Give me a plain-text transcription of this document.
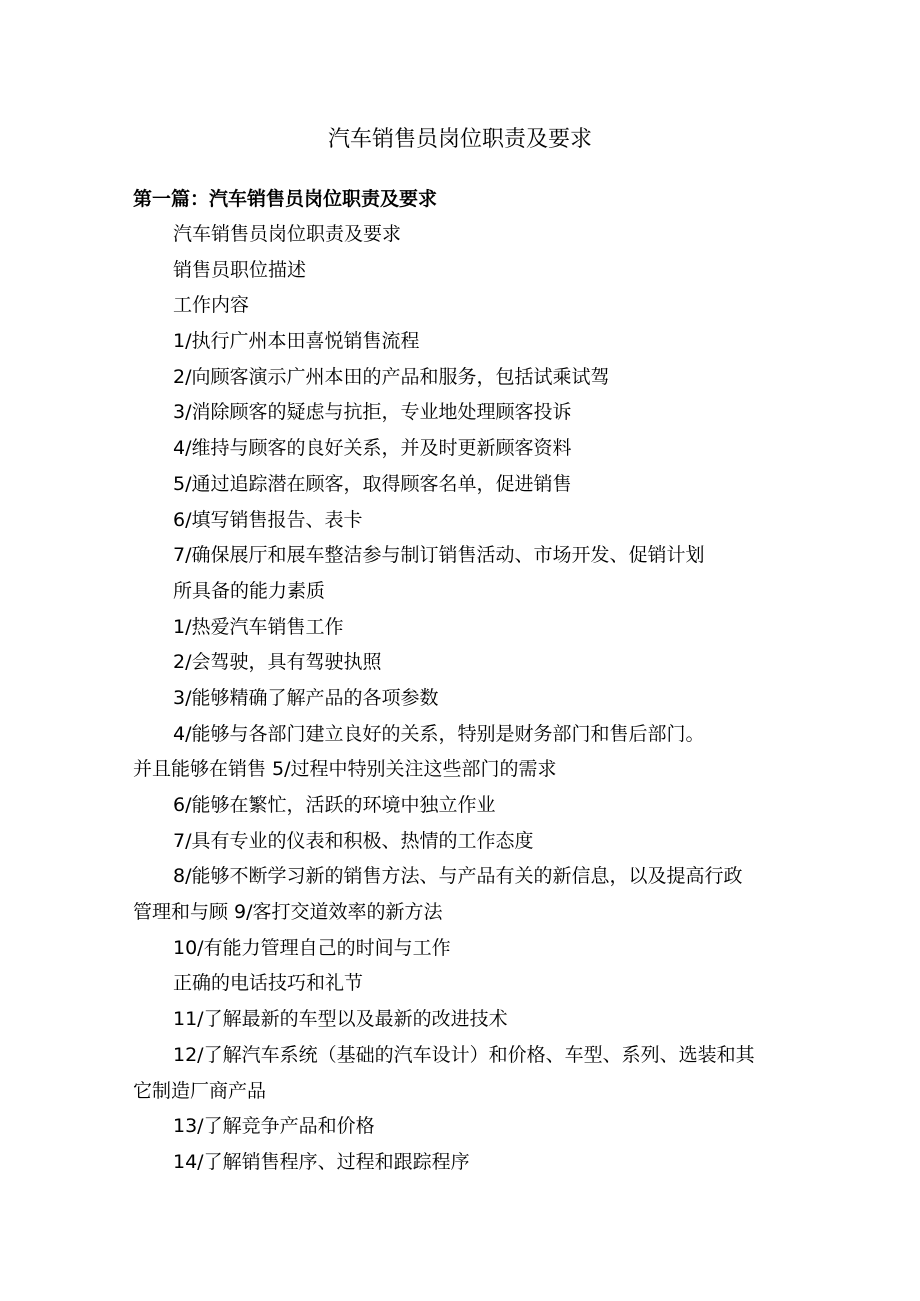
汽车销售员岗位职责及要求
第一篇：汽车销售员岗位职责及要求
汽车销售员岗位职责及要求
销售员职位描述
工作内容
1/执行广州本田喜悦销售流程
2/向顾客演示广州本田的产品和服务，包括试乘试驾
3/消除顾客的疑虑与抗拒，专业地处理顾客投诉
4/维持与顾客的良好关系，并及时更新顾客资料
5/通过追踪潜在顾客，取得顾客名单，促进销售
6/填写销售报告、表卡
7/确保展厅和展车整洁参与制订销售活动、市场开发、促销计划
所具备的能力素质
1/热爱汽车销售工作
2/会驾驶，具有驾驶执照
3/能够精确了解产品的各项参数
4/能够与各部门建立良好的关系，特别是财务部门和售后部门。
并且能够在销售 5/过程中特别关注这些部门的需求
6/能够在繁忙，活跃的环境中独立作业
7/具有专业的仪表和积极、热情的工作态度
8/能够不断学习新的销售方法、与产品有关的新信息，以及提高行政
管理和与顾 9/客打交道效率的新方法
10/有能力管理自己的时间与工作
正确的电话技巧和礼节
11/了解最新的车型以及最新的改进技术
12/了解汽车系统（基础的汽车设计）和价格、车型、系列、选装和其
它制造厂商产品
13/了解竞争产品和价格
14/了解销售程序、过程和跟踪程序
